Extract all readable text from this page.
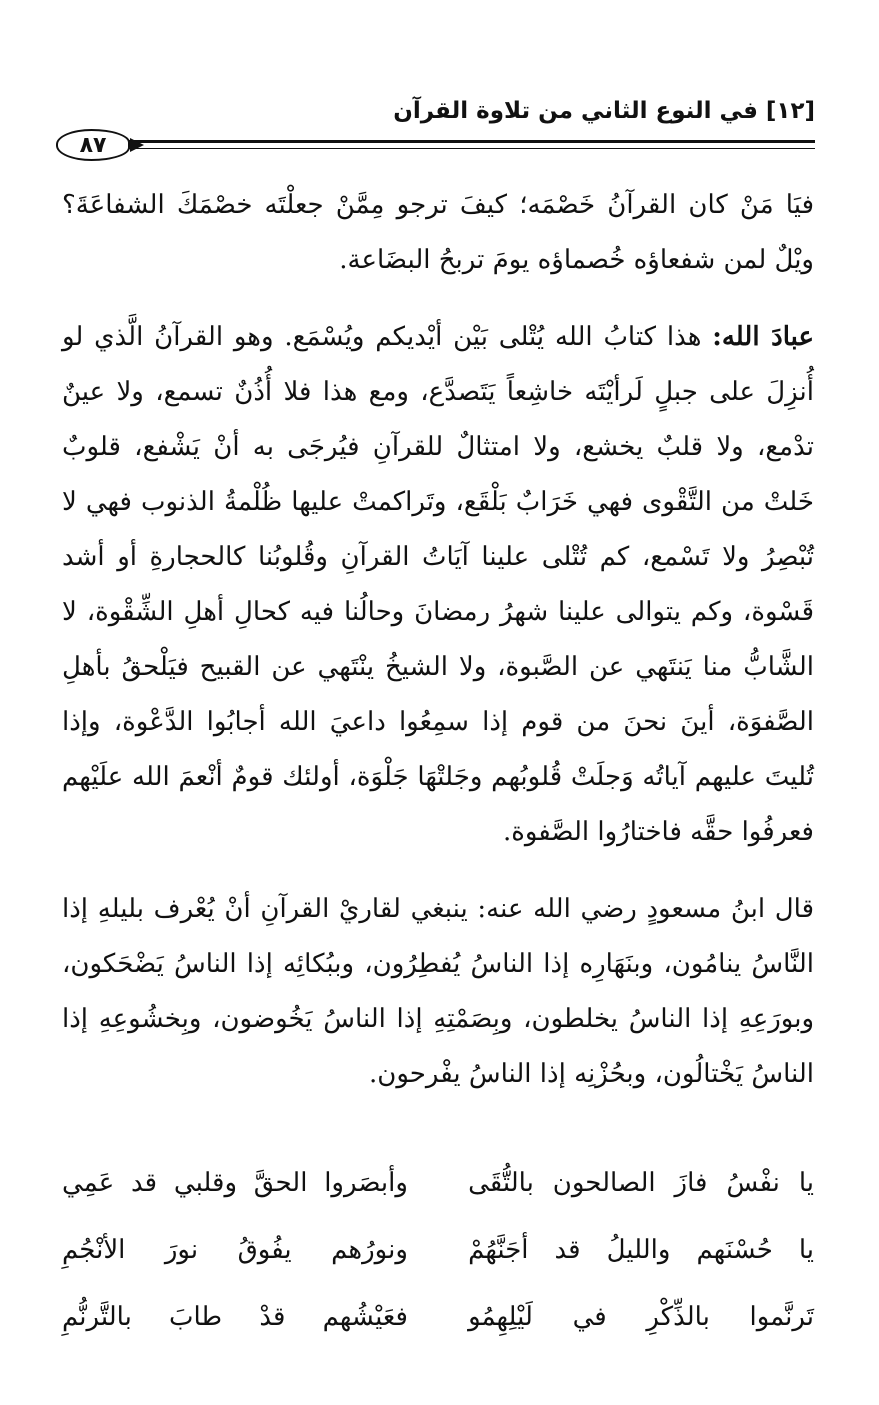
[١٢] في النوع الثاني من تلاوة القرآن
٨٧

فيَا مَنْ كان القرآنُ خَصْمَه؛ كيفَ ترجو مِمَّنْ جعلْتَه خصْمَكَ الشفاعَةَ؟ ويْلٌ لمن شفعاؤه خُصماؤه يومَ تربحُ البضَاعة.

عبادَ الله: هذا كتابُ الله يُتْلى بَيْن أيْديكم ويُسْمَع. وهو القرآنُ الَّذي لو أُنزِلَ على جبلٍ لَرأيْتَه خاشِعاً يَتَصدَّع، ومع هذا فلا أُذُنٌ تسمع، ولا عينٌ تدْمع، ولا قلبٌ يخشع، ولا امتثالٌ للقرآنِ فيُرجَى به أنْ يَشْفع، قلوبٌ خَلتْ من التَّقْوى فهي خَرَابٌ بَلْقَع، وتَراكمتْ عليها ظُلْمةُ الذنوب فهي لا تُبْصِرُ ولا تَسْمع، كم تُتْلى علينا آيَاتُ القرآنِ وقُلوبُنا كالحجارةِ أو أشد قَسْوة، وكم يتوالى علينا شهرُ رمضانَ وحالُنا فيه كحالِ أهلِ الشِّقْوة، لا الشَّابُّ منا يَنتَهي عن الصَّبوة، ولا الشيخُ ينْتَهي عن القبيح فيَلْحقُ بأهلِ الصَّفوَة، أينَ نحنَ من قوم إذا سمِعُوا داعيَ الله أجابُوا الدَّعْوة، وإذا تُليتَ عليهم آياتُه وَجلَتْ قُلوبُهم وجَلتْهَا جَلْوَة، أولئك قومٌ أنْعمَ الله علَيْهم فعرفُوا حقَّه فاختارُوا الصَّفوة.

قال ابنُ مسعودٍ رضي الله عنه: ينبغي لقاريْ القرآنِ أنْ يُعْرف بليلهِ إذا النَّاسُ ينامُون، وبنَهَارِه إذا الناسُ يُفطِرُون، وببُكائِه إذا الناسُ يَضْحَكون، وبورَعِهِ إذا الناسُ يخلطون، وبِصَمْتِهِ إذا الناسُ يَخُوضون، وبِخشُوعِهِ إذا الناسُ يَخْتالُون، وبحُزْنِه إذا الناسُ يفْرحون.

يا نفْسُ فازَ الصالحون بالتُّقَى
وأبصَروا الحقَّ وقلبي قد عَمِي
يا حُسْنَهم والليلُ قد أجَنَّهُمْ
ونورُهم يفُوقُ نورَ الأنْجُمِ
تَرنَّموا بالذِّكْرِ في لَيْلِهِمُو
فعَيْشُهم قدْ طابَ بالتَّرنُّمِ
